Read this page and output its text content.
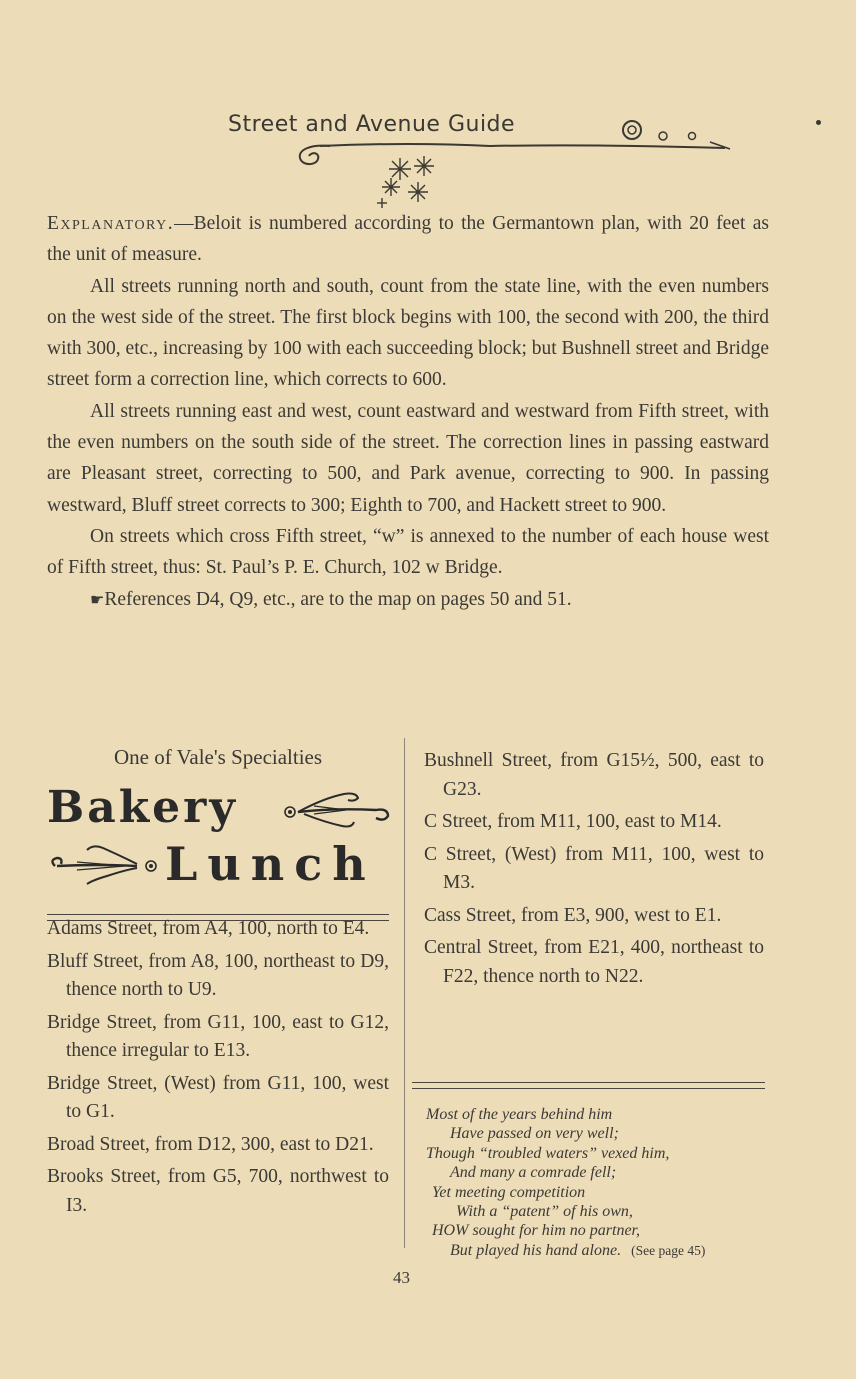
Street and Avenue Guide

Explanatory.—Beloit is numbered according to the Germantown plan, with 20 feet as the unit of measure.

All streets running north and south, count from the state line, with the even numbers on the west side of the street. The first block begins with 100, the second with 200, the third with 300, etc., increasing by 100 with each succeeding block; but Bushnell street and Bridge street form a correction line, which corrects to 600.

All streets running east and west, count eastward and westward from Fifth street, with the even numbers on the south side of the street. The correction lines in passing eastward are Pleasant street, correcting to 500, and Park avenue, correcting to 900. In passing westward, Bluff street corrects to 300; Eighth to 700, and Hackett street to 900.

On streets which cross Fifth street, “w” is annexed to the number of each house west of Fifth street, thus: St. Paul’s P. E. Church, 102 w Bridge.

☛References D4, Q9, etc., are to the map on pages 50 and 51.

One of Vale's Specialties
Bakery
Lunch
Adams Street, from A4, 100, north to E4.
Bluff Street, from A8, 100, northeast to D9, thence north to U9.
Bridge Street, from G11, 100, east to G12, thence irregular to E13.
Bridge Street, (West) from G11, 100, west to G1.
Broad Street, from D12, 300, east to D21.
Brooks Street, from G5, 700, northwest to I3.
Bushnell Street, from G15½, 500, east to G23.
C Street, from M11, 100, east to M14.
C Street, (West) from M11, 100, west to M3.
Cass Street, from E3, 900, west to E1.
Central Street, from E21, 400, northeast to F22, thence north to N22.
Most of the years behind him
Have passed on very well;
Though “troubled waters” vexed him,
And many a comrade fell;
Yet meeting competition
With a “patent” of his own,
HOW sought for him no partner,
But played his hand alone. (See page 45)
43
